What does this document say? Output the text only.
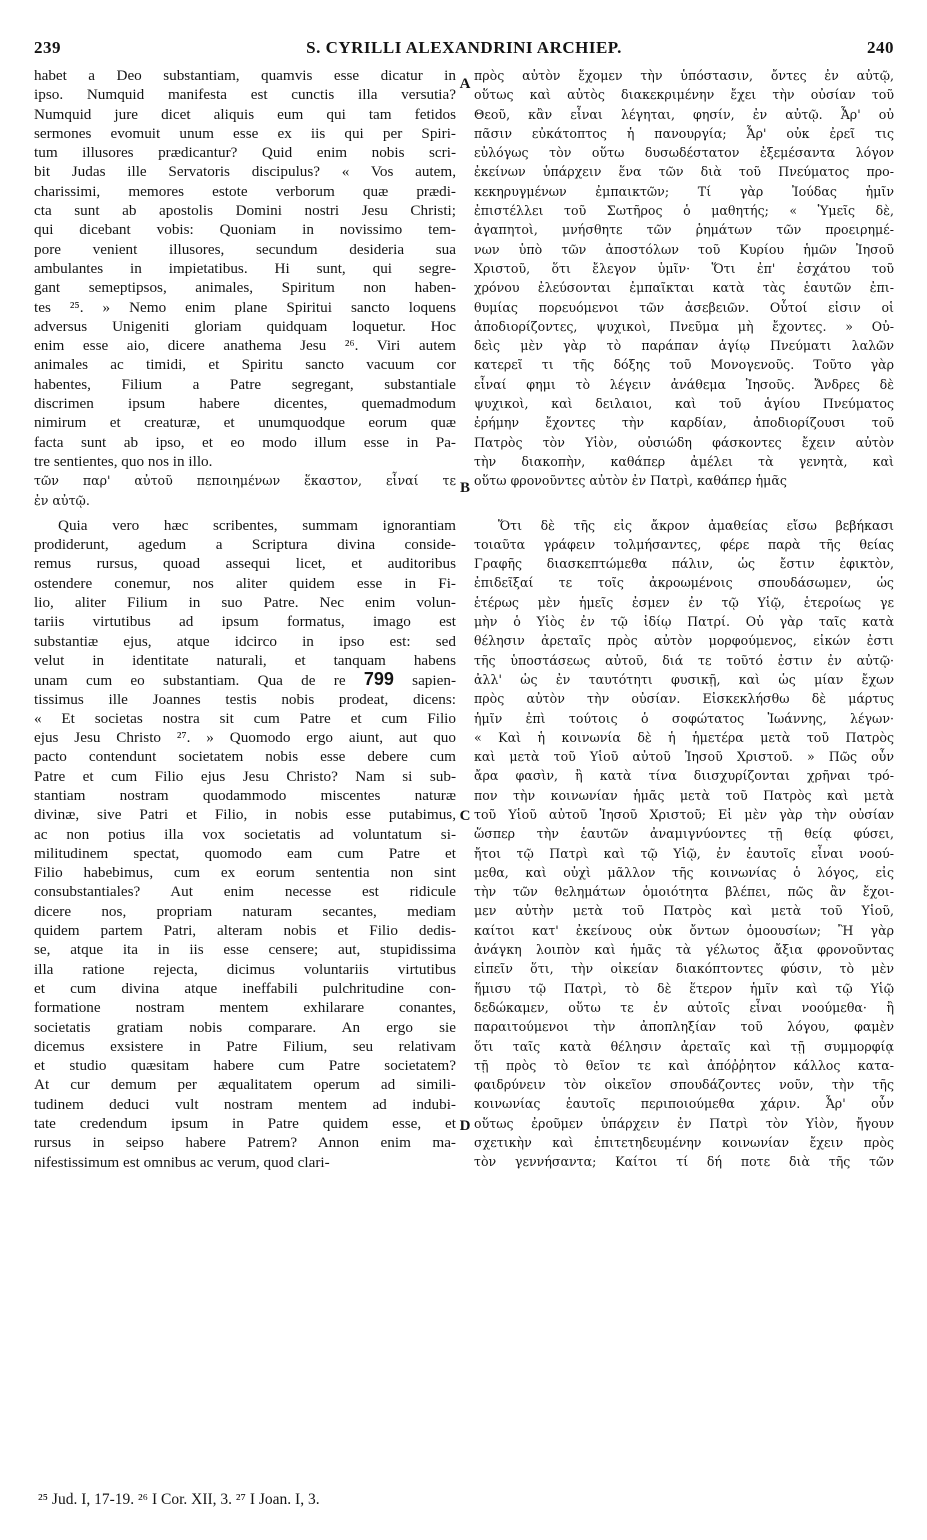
239	S. CYRILLI ALEXANDRINI ARCHIEP.	240
habet a Deo substantiam, quamvis esse dicatur in
ipso. Numquid manifesta est cunctis illa versutia?
Numquid jure dicet aliquis eum qui tam fetidos
sermones evomuit unum esse ex iis qui per Spiri-
tum illusores prædicantur? Quid enim nobis scri-
bit Judas ille Servatoris discipulus? « Vos autem,
charissimi, memores estote verborum quæ prædi-
cta sunt ab apostolis Domini nostri Jesu Christi;
qui dicebant vobis: Quoniam in novissimo tem-
pore venient illusores, secundum desideria sua
ambulantes in impietatibus. Hi sunt, qui segre-
gant semeptipsos, animales, Spiritum non haben-
tes ²⁵. » Nemo enim plane Spiritui sancto loquens
adversus Unigeniti gloriam quidquam loquetur. Hoc
enim esse aio, dicere anathema Jesu ²⁶. Viri autem
animales ac timidi, et Spiritu sancto vacuum cor
habentes, Filium a Patre segregant, substantiale
discrimen ipsum habere dicentes, quemadmodum
nimirum et creaturæ, et unumquodque eorum quæ
facta sunt ab ipso, et eo modo illum esse in Pa-
tre sentientes, quo nos in illo.
τῶν παρ' αὐτοῦ πεποιημένων ἕκαστον, εἶναί τε
ἐν αὐτῷ.
Quia vero hæc scribentes, summam ignorantiam
prodiderunt, agedum a Scriptura divina conside-
remus rursus, quoad assequi licet, et auditoribus
ostendere conemur, nos aliter quidem esse in Fi-
lio, aliter Filium in suo Patre. Nec enim volun-
tariis virtutibus ad ipsum formatus, imago est
substantiæ ejus, atque idcirco in ipso est: sed
velut in identitate naturali, et tanquam habens
unam cum eo substantiam. Qua de re 799 sapien-
tissimus ille Joannes testis nobis prodeat, dicens:
« Et societas nostra sit cum Patre et cum Filio
ejus Jesu Christo ²⁷. » Quomodo ergo aiunt, aut quo
pacto contendunt societatem nobis esse debere cum
Patre et cum Filio ejus Jesu Christo? Nam si sub-
stantiam nostram quodammodo miscentes naturæ
divinæ, sive Patri et Filio, in nobis esse putabimus,
ac non potius illa vox societatis ad voluntatum si-
militudinem spectat, quomodo eam cum Patre et
Filio habebimus, cum ex eorum sententia non sint
consubstantiales? Aut enim necesse est ridicule
dicere nos, propriam naturam secantes, mediam
quidem partem Patri, alteram nobis et Filio dedis-
se, atque ita in iis esse censere; aut, stupidissima
illa ratione rejecta, dicimus voluntariis virtutibus
et cum divina atque ineffabili pulchritudine con-
formatione nostram mentem exhilarare conantes,
societatis gratiam nobis comparare. An ergo sie
dicemus exsistere in Patre Filium, seu relativam
et studio quæsitam habere cum Patre societatem?
At cur demum per æqualitatem operum ad simili-
tudinem deduci vult nostram mentem ad indubi-
tate credendum ipsum in Patre quidem esse, et
rursus in seipso habere Patrem? Annon enim ma-
nifestissimum est omnibus ac verum, quod clari-
πρὸς αὐτὸν ἔχομεν τὴν ὑπόστασιν, ὄντες ἐν αὐτῷ,
οὕτως καὶ αὐτὸς διακεκριμένην ἔχει τὴν οὐσίαν τοῦ
Θεοῦ, κἂν εἶναι λέγηται, φησίν, ἐν αὐτῷ. Ἆρ' οὐ
πᾶσιν εὐκάτοπτος ἡ πανουργία; Ἆρ' οὐκ ἐρεῖ τις
εὐλόγως τὸν οὕτω δυσωδέστατον ἐξεμέσαντα λόγον
ἐκείνων ὑπάρχειν ἕνα τῶν διὰ τοῦ Πνεύματος προ-
κεκηρυγμένων ἐμπαικτῶν; Τί γὰρ Ἰούδας ἡμῖν
ἐπιστέλλει τοῦ Σωτῆρος ὁ μαθητής; « Ὑμεῖς δὲ,
ἀγαπητοὶ, μνήσθητε τῶν ῥημάτων τῶν προειρημέ-
νων ὑπὸ τῶν ἀποστόλων τοῦ Κυρίου ἡμῶν Ἰησοῦ
Χριστοῦ, ὅτι ἔλεγον ὑμῖν· Ὅτι ἐπ' ἐσχάτου τοῦ
χρόνου ἐλεύσονται ἐμπαῖκται κατὰ τὰς ἑαυτῶν ἐπι-
θυμίας πορευόμενοι τῶν ἀσεβειῶν. Οὗτοί εἰσιν οἱ
ἀποδιορίζοντες, ψυχικοὶ, Πνεῦμα μὴ ἔχοντες. » Οὐ-
δεὶς μὲν γὰρ τὸ παράπαν ἁγίῳ Πνεύματι λαλῶν
κατερεῖ τι τῆς δόξης τοῦ Μονογενοῦς. Τοῦτο γὰρ
εἶναί φημι τὸ λέγειν ἀνάθεμα Ἰησοῦς. Ἄνδρες δὲ
ψυχικοὶ, καὶ δειλαιοι, καὶ τοῦ ἁγίου Πνεύματος
ἐρήμην ἔχοντες τὴν καρδίαν, ἀποδιορίζουσι τοῦ
Πατρὸς τὸν Υἱὸν, οὐσιώδη φάσκοντες ἔχειν αὐτὸν
τὴν διακοπὴν, καθάπερ ἀμέλει τὰ γενητὰ, καὶ
οὕτω φρονοῦντες αὐτὸν ἐν Πατρὶ, καθάπερ ἡμᾶς
Ὅτι δὲ τῆς εἰς ἄκρον ἀμαθείας εἴσω βεβήκασι
τοιαῦτα γράφειν τολμήσαντες, φέρε παρὰ τῆς θείας
Γραφῆς διασκεπτώμεθα πάλιν, ὡς ἔστιν ἐφικτὸν,
ἐπιδεῖξαί τε τοῖς ἀκροωμένοις σπουδάσωμεν, ὡς
ἑτέρως μὲν ἡμεῖς ἐσμεν ἐν τῷ Υἱῷ, ἑτεροίως γε
μὴν ὁ Υἱὸς ἐν τῷ ἰδίῳ Πατρί. Οὐ γὰρ ταῖς κατὰ
θέλησιν ἀρεταῖς πρὸς αὐτὸν μορφούμενος, εἰκών ἐστι
τῆς ὑποστάσεως αὐτοῦ, διά τε τοῦτό ἐστιν ἐν αὐτῷ·
ἀλλ' ὡς ἐν ταυτότητι φυσικῇ, καὶ ὡς μίαν ἔχων
πρὸς αὐτὸν τὴν οὐσίαν. Εἰσκεκλήσθω δὲ μάρτυς
ἡμῖν ἐπὶ τούτοις ὁ σοφώτατος Ἰωάννης, λέγων·
« Καὶ ἡ κοινωνία δὲ ἡ ἡμετέρα μετὰ τοῦ Πατρὸς
καὶ μετὰ τοῦ Υἱοῦ αὐτοῦ Ἰησοῦ Χριστοῦ. » Πῶς οὖν
ἄρα φασὶν, ἢ κατὰ τίνα διισχυρίζονται χρῆναι τρό-
πον τὴν κοινωνίαν ἡμᾶς μετὰ τοῦ Πατρὸς καὶ μετὰ
τοῦ Υἱοῦ αὐτοῦ Ἰησοῦ Χριστοῦ; Εἰ μὲν γὰρ τὴν οὐσίαν
ὥσπερ τὴν ἑαυτῶν ἀναμιγνύοντες τῇ θείᾳ φύσει,
ἤτοι τῷ Πατρὶ καὶ τῷ Υἱῷ, ἐν ἑαυτοῖς εἶναι νοού-
μεθα, καὶ οὐχὶ μᾶλλον τῆς κοινωνίας ὁ λόγος, εἰς
τὴν τῶν θελημάτων ὁμοιότητα βλέπει, πῶς ἂν ἔχοι-
μεν αὐτὴν μετὰ τοῦ Πατρὸς καὶ μετὰ τοῦ Υἱοῦ,
καίτοι κατ' ἐκείνους οὐκ ὄντων ὁμοουσίων; Ἢ γὰρ
ἀνάγκη λοιπὸν καὶ ἡμᾶς τὰ γέλωτος ἄξια φρονοῦντας
εἰπεῖν ὅτι, τὴν οἰκείαν διακόπτοντες φύσιν, τὸ μὲν
ἥμισυ τῷ Πατρὶ, τὸ δὲ ἕτερον ἡμῖν καὶ τῷ Υἱῷ
δεδώκαμεν, οὕτω τε ἐν αὐτοῖς εἶναι νοούμεθα· ἢ
παραιτούμενοι τὴν ἀποπληξίαν τοῦ λόγου, φαμὲν
ὅτι ταῖς κατὰ θέλησιν ἀρεταῖς καὶ τῇ συμμορφίᾳ
τῇ πρὸς τὸ θεῖον τε καὶ ἀπόῤῥητον κάλλος κατα-
φαιδρύνειν τὸν οἰκεῖον σπουδάζοντες νοῦν, τὴν τῆς
κοινωνίας ἑαυτοῖς περιποιούμεθα χάριν. Ἆρ' οὖν
οὕτως ἐροῦμεν ὑπάρχειν ἐν Πατρὶ τὸν Υἱὸν, ἤγουν
σχετικὴν καὶ ἐπιτετηδευμένην κοινωνίαν ἔχειν πρὸς
τὸν γεννήσαντα; Καίτοι τί δή ποτε διὰ τῆς τῶν
A
B
C
D
²⁵ Jud. I, 17-19. ²⁶ I Cor. XII, 3. ²⁷ I Joan. I, 3.
